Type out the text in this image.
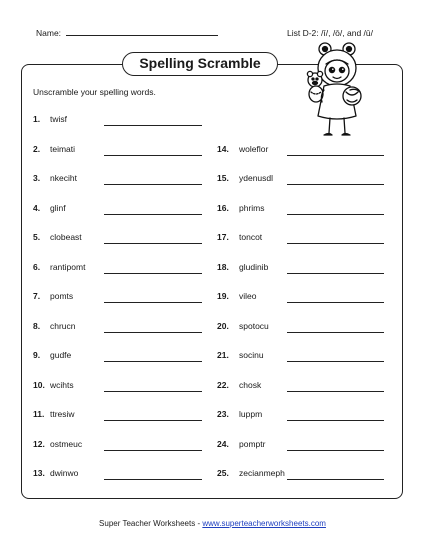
Name:	List D-2: /ī/, /ō/, and /ū/
Spelling Scramble
Unscramble your spelling words.
1. twisf
2. teimati
3. nkeciht
4. glinf
5. clobeast
6. rantipomt
7. pomts
8. chrucn
9. gudfe
10. wcihts
11. ttresiw
12. ostmeuc
13. dwinwo
14. woleflor
15. ydenusdl
16. phrims
17. toncot
18. gludinib
19. vileo
20. spotocu
21. socinu
22. chosk
23. luppm
24. pomptr
25. zecianmeph
Super Teacher Worksheets - www.superteacherworksheets.com
